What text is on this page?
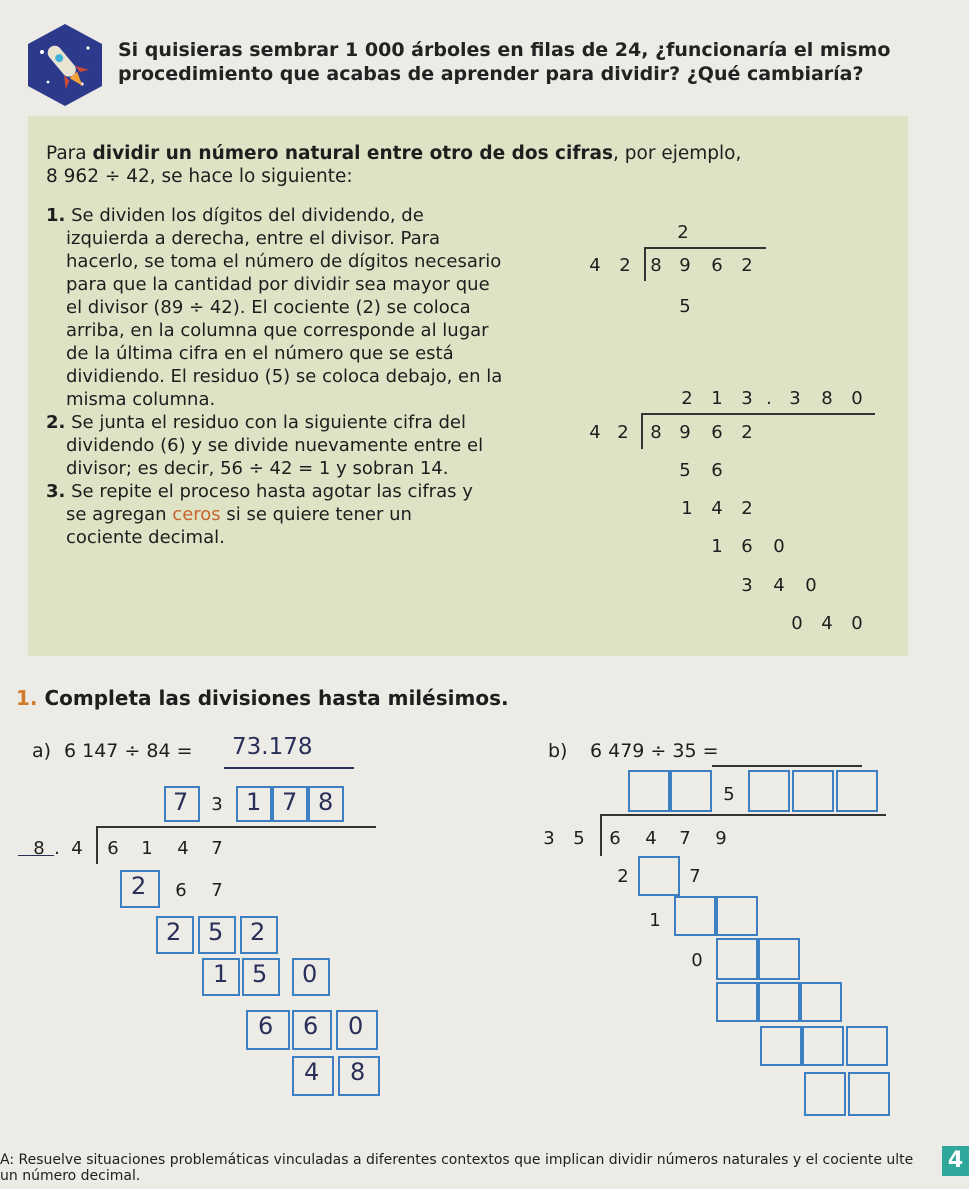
Si quisieras sembrar 1 000 árboles en filas de 24, ¿funcionaría el mismo procedimiento que acabas de aprender para dividir? ¿Qué cambiaría?
Para dividir un número natural entre otro de dos cifras, por ejemplo,
8 962 ÷ 42, se hace lo siguiente:

1. Se dividen los dígitos del dividendo, de izquierda a derecha, entre el divisor. Para hacerlo, se toma el número de dígitos necesario para que la cantidad por dividir sea mayor que el divisor (89 ÷ 42). El cociente (2) se coloca arriba, en la columna que corresponde al lugar de la última cifra en el número que se está dividiendo. El residuo (5) se coloca debajo, en la misma columna.

2. Se junta el residuo con la siguiente cifra del dividendo (6) y se divide nuevamente entre el divisor; es decir, 56 ÷ 42 = 1 y sobran 14.

3. Se repite el proceso hasta agotar las cifras y se agregan ceros si se quiere tener un cociente decimal.

2
4 2 8 9 6 2
5
2 1 3 . 3 8 0
4 2 8 9 6 2
5 6
1 4 2
1 6 0
3 4 0
0 4 0
1. Completa las divisiones hasta milésimos.
a) 6 147 ÷ 84 = 73.178
7 3 1 7 8
8 . 4 6 1 4 7
2 6 7
2 5 2
1 5 0
6 6 0
4 8
b) 6 479 ÷ 35 =
5
3 5 6 4 7 9
2	7
1
0
A: Resuelve situaciones problemáticas vinculadas a diferentes contextos que implican dividir números naturales y el cociente ulte un número decimal.
4
